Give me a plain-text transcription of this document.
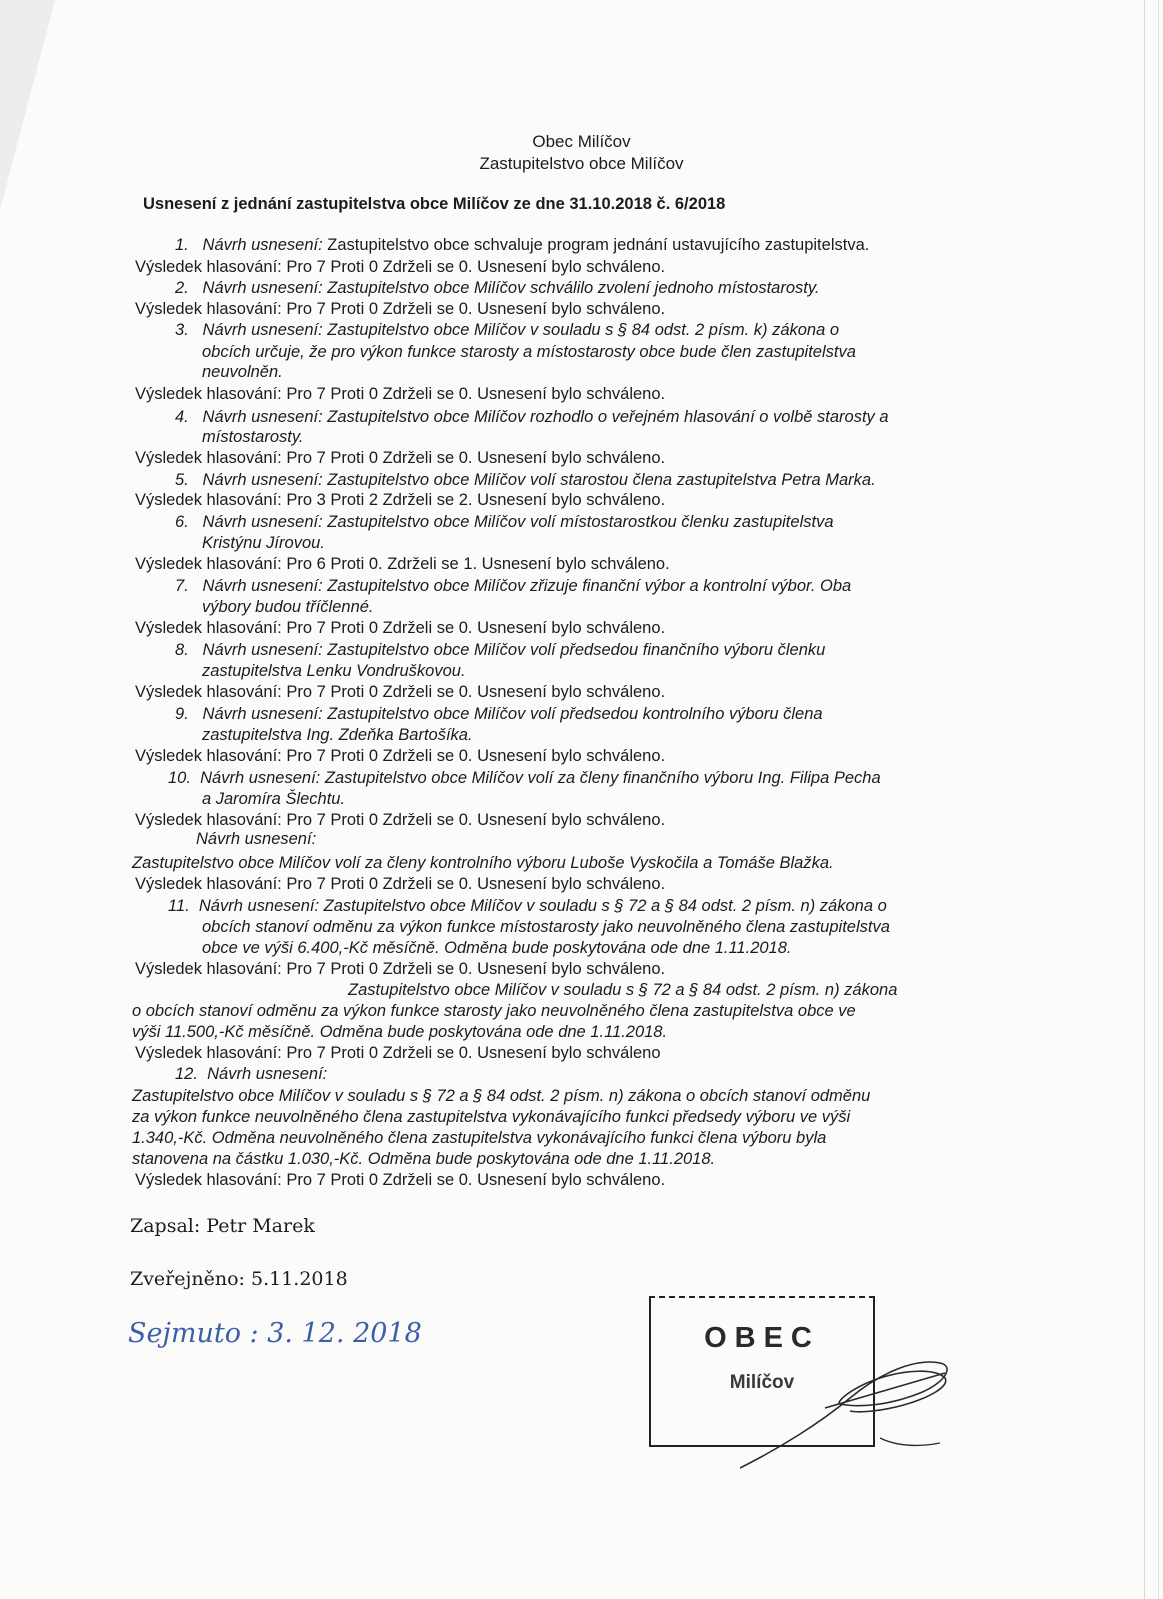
Obec Milíčov
Zastupitelstvo obce Milíčov
Usnesení z jednání zastupitelstva obce Milíčov ze dne 31.10.2018 č. 6/2018
1. Návrh usnesení: Zastupitelstvo obce schvaluje program jednání ustavujícího zastupitelstva.
Výsledek hlasování: Pro 7 Proti 0 Zdrželi se 0. Usnesení bylo schváleno.
2. Návrh usnesení: Zastupitelstvo obce Milíčov schválilo zvolení jednoho místostarosty.
Výsledek hlasování: Pro 7 Proti 0 Zdrželi se 0. Usnesení bylo schváleno.
3. Návrh usnesení: Zastupitelstvo obce Milíčov v souladu s § 84 odst. 2 písm. k) zákona o
obcích určuje, že pro výkon funkce starosty a místostarosty obce bude člen zastupitelstva
neuvolněn.
Výsledek hlasování: Pro 7 Proti 0 Zdrželi se 0. Usnesení bylo schváleno.
4. Návrh usnesení: Zastupitelstvo obce Milíčov rozhodlo o veřejném hlasování o volbě starosty a
místostarosty.
Výsledek hlasování: Pro 7 Proti 0 Zdrželi se 0. Usnesení bylo schváleno.
5. Návrh usnesení: Zastupitelstvo obce Milíčov volí starostou člena zastupitelstva Petra Marka.
Výsledek hlasování: Pro 3 Proti 2 Zdrželi se 2. Usnesení bylo schváleno.
6. Návrh usnesení: Zastupitelstvo obce Milíčov volí místostarostkou členku zastupitelstva
Kristýnu Jírovou.
Výsledek hlasování: Pro 6 Proti 0. Zdrželi se 1. Usnesení bylo schváleno.
7. Návrh usnesení: Zastupitelstvo obce Milíčov zřizuje finanční výbor a kontrolní výbor. Oba
výbory budou tříčlenné.
Výsledek hlasování: Pro 7 Proti 0 Zdrželi se 0. Usnesení bylo schváleno.
8. Návrh usnesení: Zastupitelstvo obce Milíčov volí předsedou finančního výboru členku
zastupitelstva Lenku Vondruškovou.
Výsledek hlasování: Pro 7 Proti 0 Zdrželi se 0. Usnesení bylo schváleno.
9. Návrh usnesení: Zastupitelstvo obce Milíčov volí předsedou kontrolního výboru člena
zastupitelstva Ing. Zdeňka Bartošíka.
Výsledek hlasování: Pro 7 Proti 0 Zdrželi se 0. Usnesení bylo schváleno.
10. Návrh usnesení: Zastupitelstvo obce Milíčov volí za členy finančního výboru Ing. Filipa Pecha
a Jaromíra Šlechtu.
Výsledek hlasování: Pro 7 Proti 0 Zdrželi se 0. Usnesení bylo schváleno.
Návrh usnesení:
Zastupitelstvo obce Milíčov volí za členy kontrolního výboru Luboše Vyskočila a Tomáše Blažka.
Výsledek hlasování: Pro 7 Proti 0 Zdrželi se 0. Usnesení bylo schváleno.
11. Návrh usnesení: Zastupitelstvo obce Milíčov v souladu s § 72 a § 84 odst. 2 písm. n) zákona o
obcích stanoví odměnu za výkon funkce místostarosty jako neuvolněného člena zastupitelstva
obce ve výši 6.400,-Kč měsíčně. Odměna bude poskytována ode dne 1.11.2018.
Výsledek hlasování: Pro 7 Proti 0 Zdrželi se 0. Usnesení bylo schváleno.
Zastupitelstvo obce Milíčov v souladu s § 72 a § 84 odst. 2 písm. n) zákona
o obcích stanoví odměnu za výkon funkce starosty jako neuvolněného člena zastupitelstva obce ve
výši 11.500,-Kč měsíčně. Odměna bude poskytována ode dne 1.11.2018.
Výsledek hlasování: Pro 7 Proti 0 Zdrželi se 0. Usnesení bylo schváleno
12. Návrh usnesení:
Zastupitelstvo obce Milíčov v souladu s § 72 a § 84 odst. 2 písm. n) zákona o obcích stanoví odměnu
za výkon funkce neuvolněného člena zastupitelstva vykonávajícího funkci předsedy výboru ve výši
1.340,-Kč. Odměna neuvolněného člena zastupitelstva vykonávajícího funkci člena výboru byla
stanovena na částku 1.030,-Kč. Odměna bude poskytována ode dne 1.11.2018.
Výsledek hlasování: Pro 7 Proti 0 Zdrželi se 0. Usnesení bylo schváleno.
Zapsal: Petr Marek
Zveřejněno: 5.11.2018
Sejmuto : 3. 12. 2018	OBEC
Milíčov
